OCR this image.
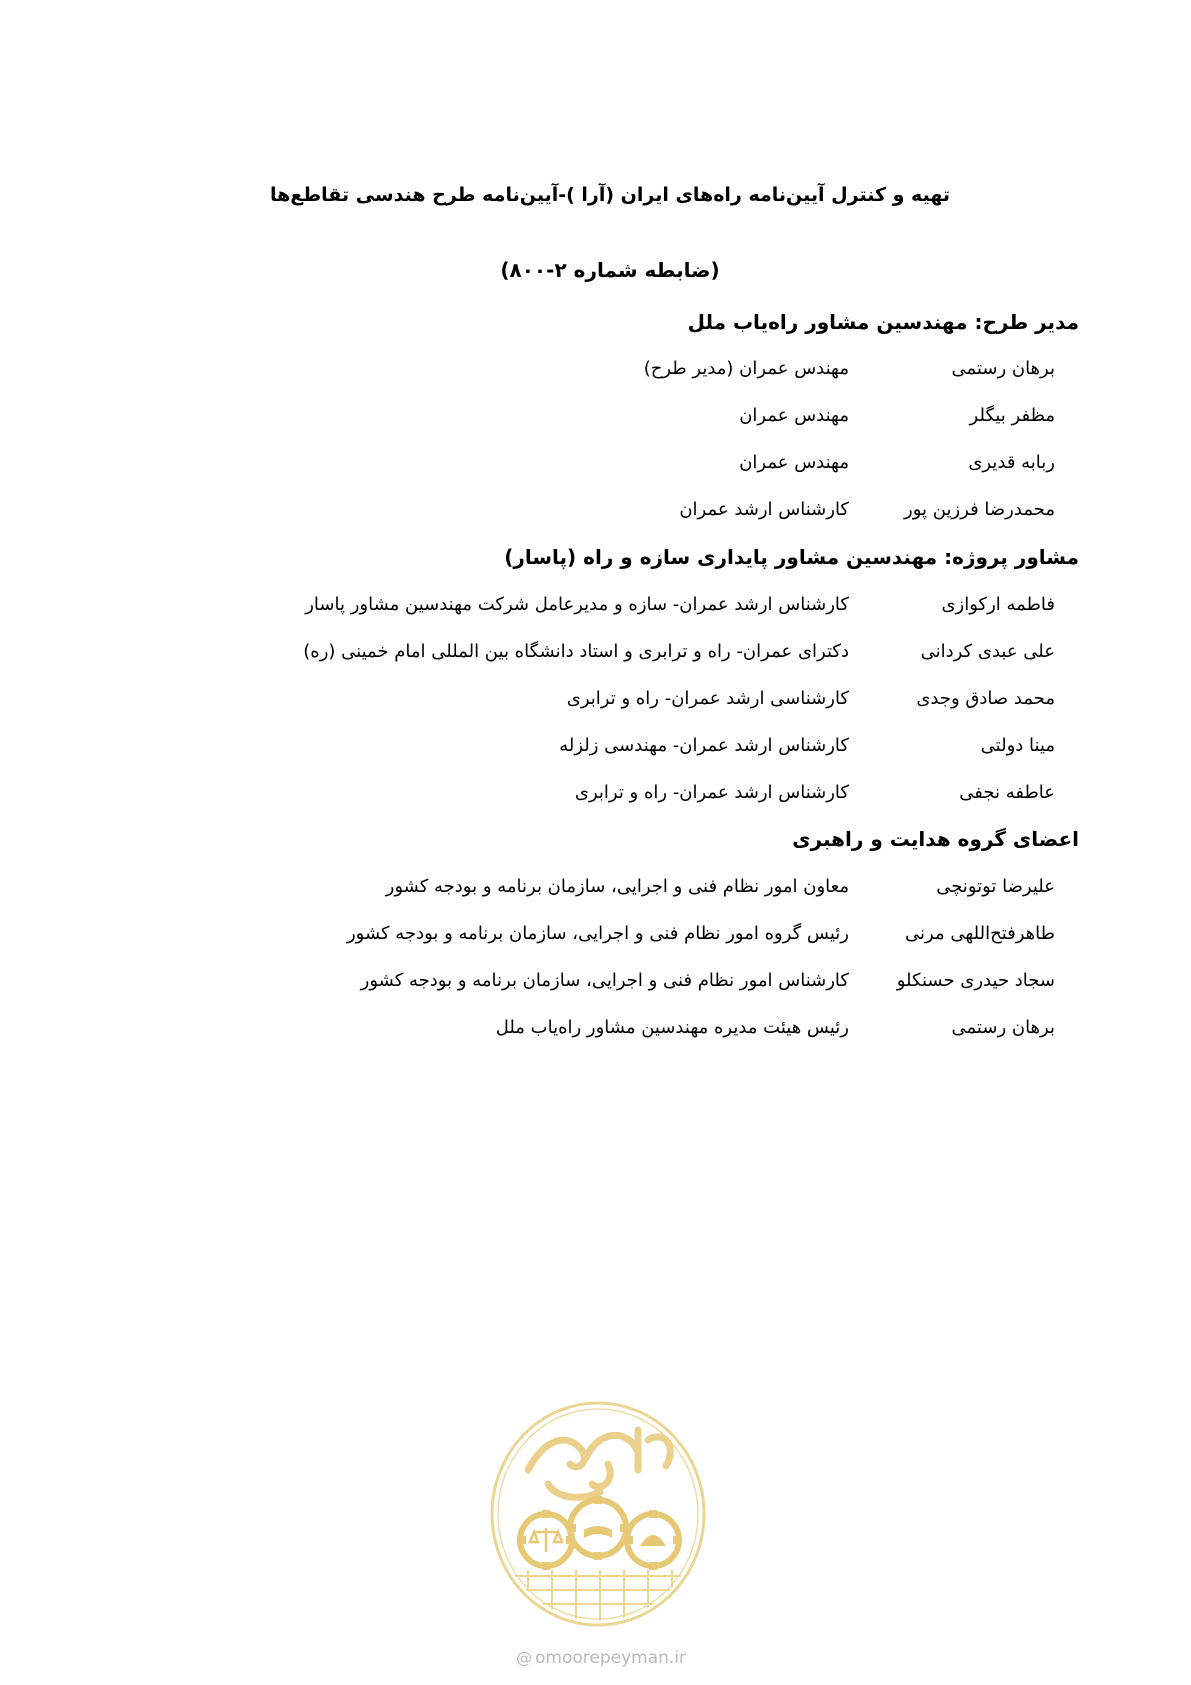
تهیه و کنترل آیین‌نامه راه‌های ایران (آرا )-آیین‌نامه طرح هندسی تقاطع‌ها
(ضابطه شماره ۲-۸۰۰)
مدیر طرح: مهندسین مشاور راه‌یاب ملل
برهان رستمی
مهندس عمران (مدیر طرح)
مظفر بیگلر
مهندس عمران
ربابه قدیری
مهندس عمران
محمدرضا فرزین پور
کارشناس ارشد عمران
مشاور پروژه: مهندسین مشاور پایداری سازه و راه (پاسار)
فاطمه ارکوازی
کارشناس ارشد عمران- سازه و مدیرعامل شرکت مهندسین مشاور پاسار
علی عبدی کردانی
دکترای عمران- راه و ترابری و استاد دانشگاه بین المللی امام خمینی (ره)
محمد صادق وجدی
کارشناسی ارشد عمران- راه و ترابری
مینا دولتی
کارشناس ارشد عمران- مهندسی زلزله
عاطفه نجفی
کارشناس ارشد عمران- راه و ترابری
اعضای گروه هدایت و راهبری
علیرضا توتونچی
معاون امور نظام فنی و اجرایی، سازمان برنامه و بودجه کشور
طاهرفتح‌اللهی مرنی
رئیس گروه امور نظام فنی و اجرایی، سازمان برنامه و بودجه کشور
سجاد حیدری حسنکلو
کارشناس امور نظام فنی و اجرایی، سازمان برنامه و بودجه کشور
برهان رستمی
رئیس هیئت مدیره مهندسین مشاور راه‌یاب ملل
@ omoorepeyman.ir
